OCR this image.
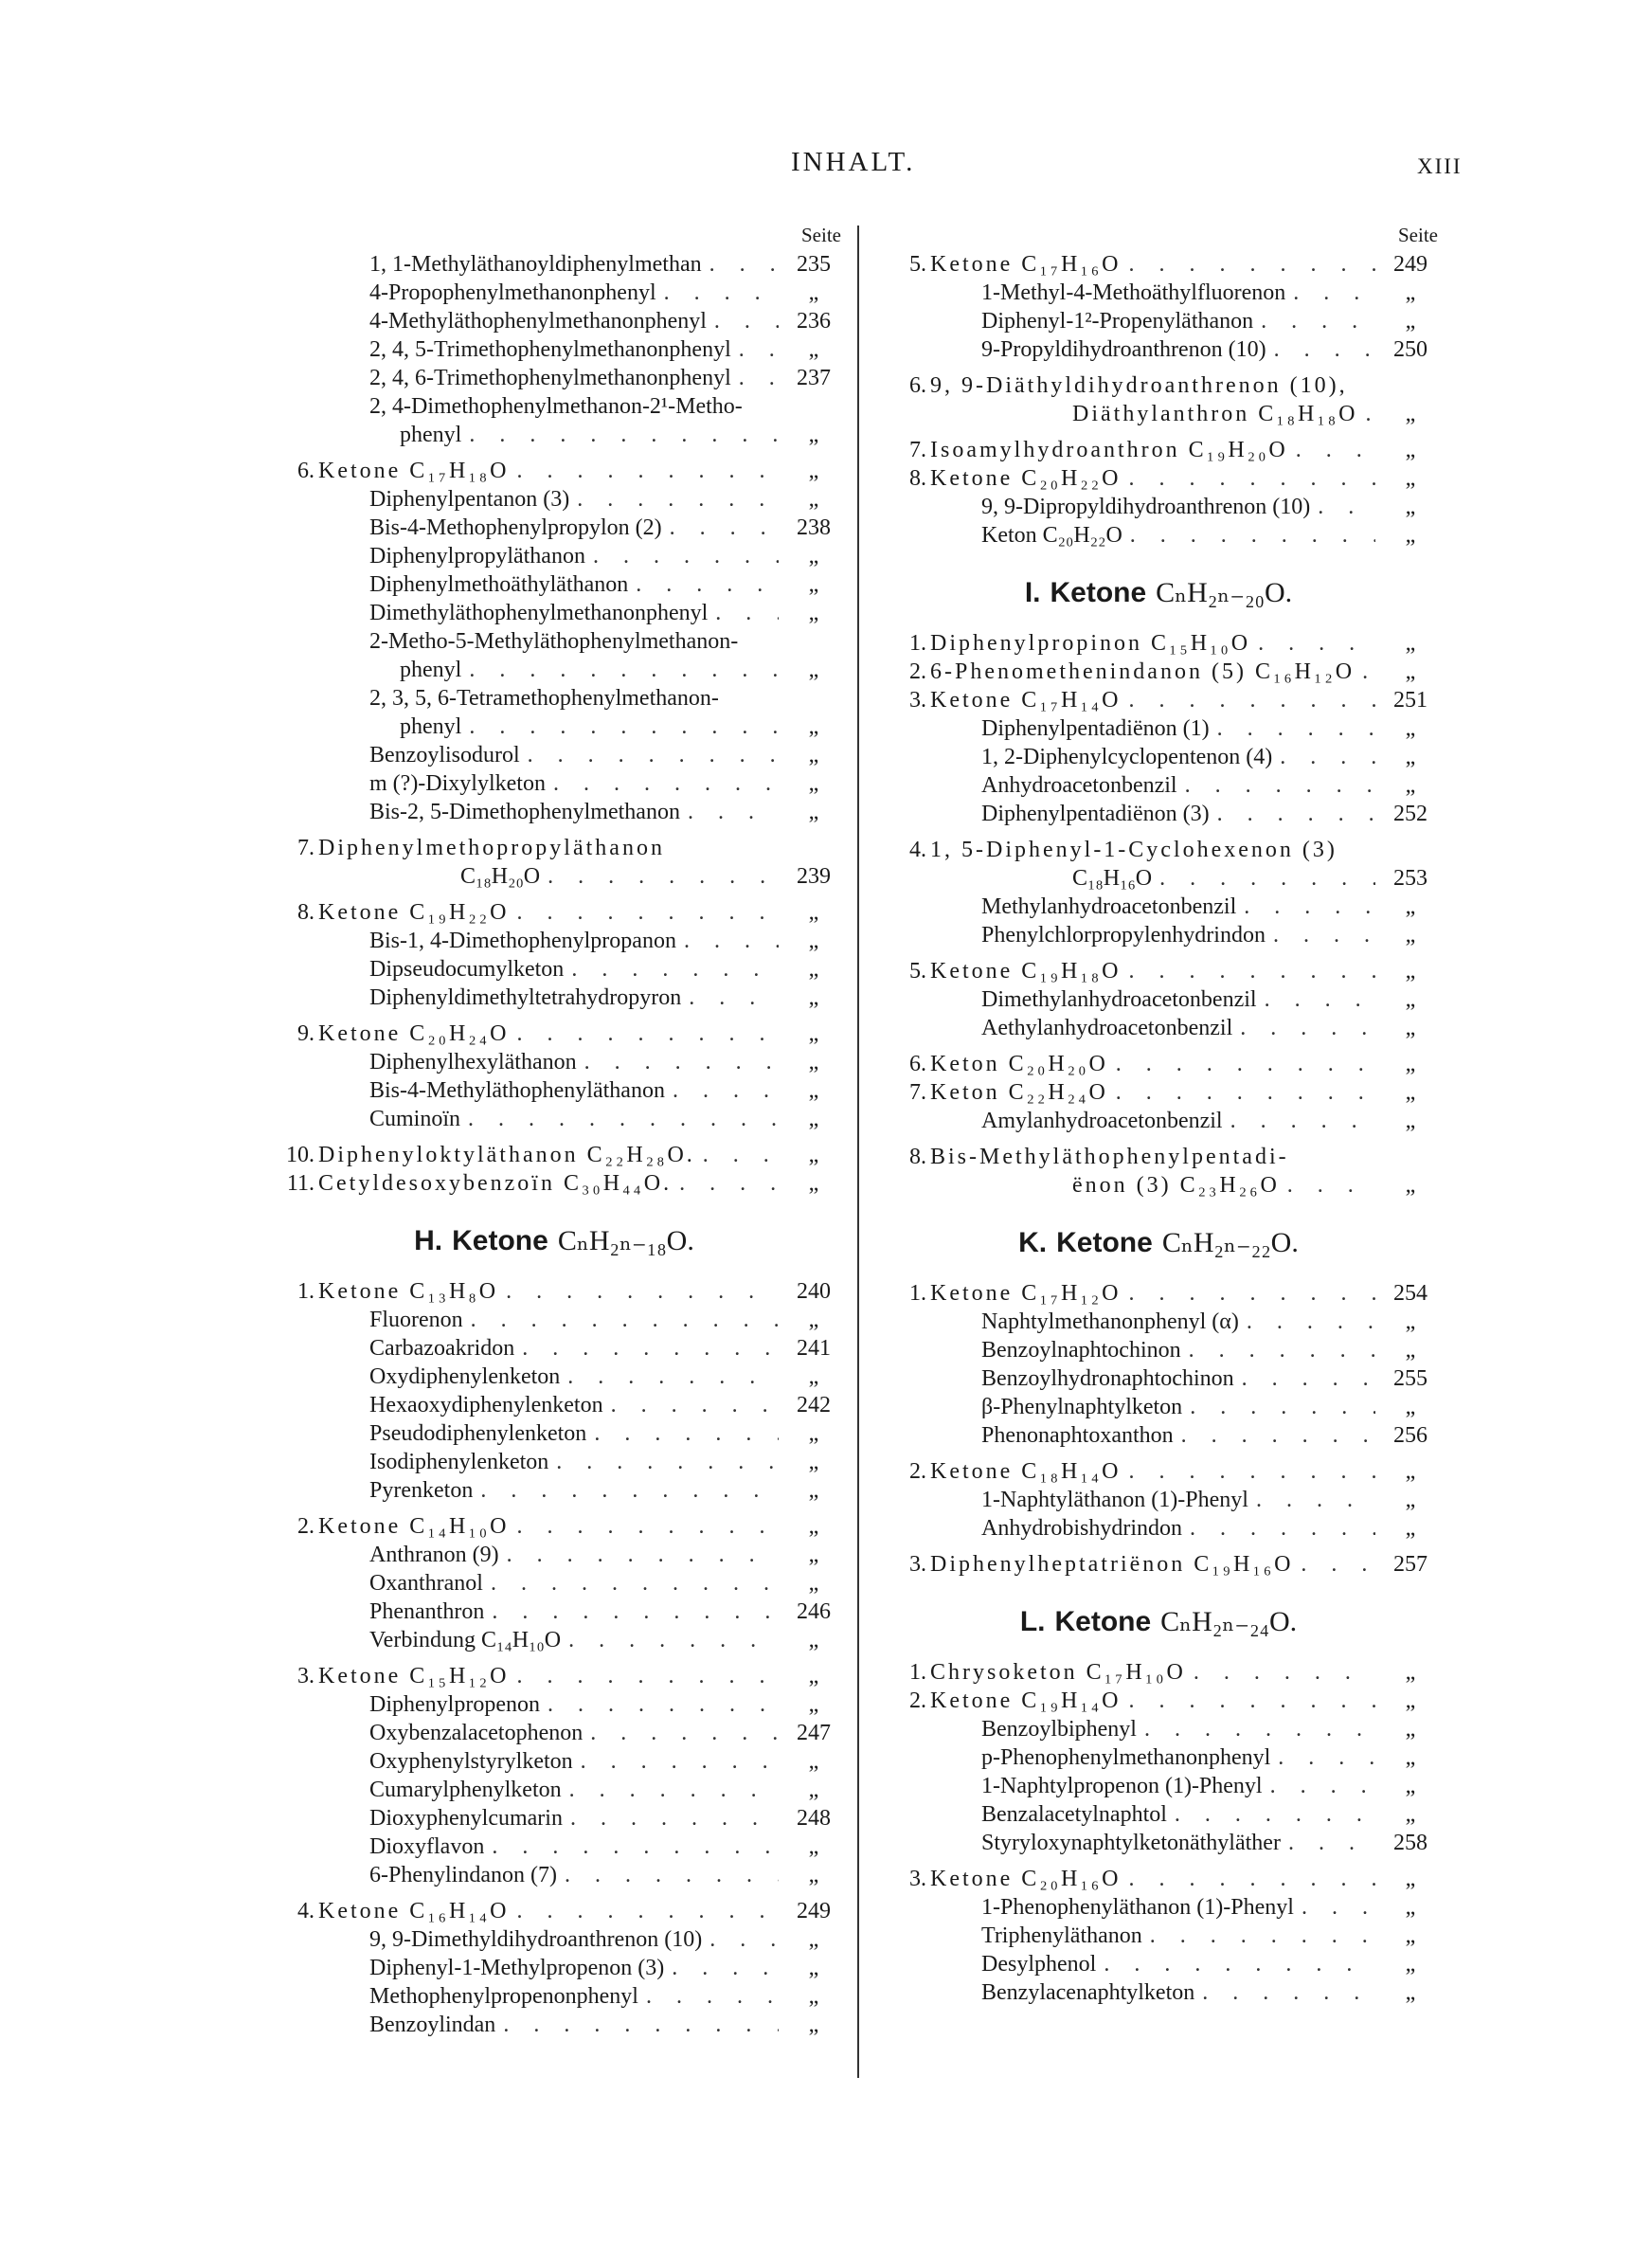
INHALT.	XIII
Seite
1, 1-Methyläthanoyldiphenylmethan . . .	235
4-Propophenylmethanonphenyl . . .	„
4-Methyläthophenylmethanonphenyl . . .	236
2, 4, 5-Trimethophenylmethanonphenyl . . .	„
2, 4, 6-Trimethophenylmethanonphenyl . . .	237
2, 4-Dimethophenylmethanon-2¹-Metho-
phenyl . . .	„
6. Ketone C₁₇H₁₈O . . .	„
Diphenylpentanon (3) . . .	„
Bis-4-Methophenylpropylon (2) . . .	238
Diphenylpropyläthanon . . .	„
Diphenylmethoäthyläthanon . . .	„
Dimethyläthophenylmethanonphenyl . . .	„
2-Metho-5-Methyläthophenylmethanon-
phenyl . . .	„
2, 3, 5, 6-Tetramethophenylmethanon-
phenyl . . .	„
Benzoylisodurol . . .	„
m (?)-Dixylylketon . . .	„
Bis-2, 5-Dimethophenylmethanon . . .	„
7. Diphenylmethopropyläthanon
C₁₈H₂₀O . . .	239
8. Ketone C₁₉H₂₂O . . .	„
Bis-1, 4-Dimethophenylpropanon . . .	„
Dipseudocumylketon . . .	„
Diphenyldimethyltetrahydropyron . . .	„
9. Ketone C₂₀H₂₄O . . .	„
Diphenylhexyläthanon . . .	„
Bis-4-Methyläthophenyläthanon . . .	„
Cuminoïn . . .	„
10. Diphenyloktyläthanon C₂₂H₂₈O. . . .	„
11. Cetyldesoxybenzoïn C₃₀H₄₄O. . . .	„
H. Ketone CₙH₂ₙ₋₁₈O.
1. Ketone C₁₃H₈O . . .	240
Fluorenon . . .	„
Carbazoakridon . . .	241
Oxydiphenylenketon . . .	„
Hexaoxydiphenylenketon . . .	242
Pseudodiphenylenketon . . .	„
Isodiphenylenketon . . .	„
Pyrenketon . . .	„
2. Ketone C₁₄H₁₀O . . .	„
Anthranon (9) . . .	„
Oxanthranol . . .	„
Phenanthron . . .	246
Verbindung C₁₄H₁₀O . . .	„
3. Ketone C₁₅H₁₂O . . .	„
Diphenylpropenon . . .	„
Oxybenzalacetophenon . . .	247
Oxyphenylstyrylketon . . .	„
Cumarylphenylketon . . .	„
Dioxyphenylcumarin . . .	248
Dioxyflavon . . .	„
6-Phenylindanon (7) . . .	„
4. Ketone C₁₆H₁₄O . . .	249
9, 9-Dimethyldihydroanthrenon (10) . . .	„
Diphenyl-1-Methylpropenon (3) . . .	„
Methophenylpropenonphenyl . . .	„
Benzoylindan . . .	„
Seite
5. Ketone C₁₇H₁₆O . . .	249
1-Methyl-4-Methoäthylfluorenon . . .	„
Diphenyl-1²-Propenyläthanon . . .	„
9-Propyldihydroanthrenon (10) . . .	250
6. 9, 9-Diäthyldihydroanthrenon (10),
Diäthylanthron C₁₈H₁₈O . . .	„
7. Isoamylhydroanthron C₁₉H₂₀O . . .	„
8. Ketone C₂₀H₂₂O . . .	„
9, 9-Dipropyldihydroanthrenon (10) . . .	„
Keton C₂₀H₂₂O . . .	„
I. Ketone CₙH₂ₙ₋₂₀O.
1. Diphenylpropinon C₁₅H₁₀O . . .	„
2. 6-Phenomethenindanon (5) C₁₆H₁₂O . . .	„
3. Ketone C₁₇H₁₄O . . .	251
Diphenylpentadiënon (1) . . .	„
1, 2-Diphenylcyclopentenon (4) . . .	„
Anhydroacetonbenzil . . .	„
Diphenylpentadiënon (3) . . .	252
4. 1, 5-Diphenyl-1-Cyclohexenon (3)
C₁₈H₁₆O . . .	253
Methylanhydroacetonbenzil . . .	„
Phenylchlorpropylenhydrindon . . .	„
5. Ketone C₁₉H₁₈O . . .	„
Dimethylanhydroacetonbenzil . . .	„
Aethylanhydroacetonbenzil . . .	„
6. Keton C₂₀H₂₀O . . .	„
7. Keton C₂₂H₂₄O . . .	„
Amylanhydroacetonbenzil . . .	„
8. Bis-Methyläthophenylpentadi-
ënon (3) C₂₃H₂₆O . . .	„
K. Ketone CₙH₂ₙ₋₂₂O.
1. Ketone C₁₇H₁₂O . . .	254
Naphtylmethanonphenyl (α) . . .	„
Benzoylnaphtochinon . . .	„
Benzoylhydronaphtochinon . . .	255
β-Phenylnaphtylketon . . .	„
Phenonaphtoxanthon . . .	256
2. Ketone C₁₈H₁₄O . . .	„
1-Naphtyläthanon (1)-Phenyl . . .	„
Anhydrobishydrindon . . .	„
3. Diphenylheptatriënon C₁₉H₁₆O . . .	257
L. Ketone CₙH₂ₙ₋₂₄O.
1. Chrysoketon C₁₇H₁₀O . . .	„
2. Ketone C₁₉H₁₄O . . .	„
Benzoylbiphenyl . . .	„
p-Phenophenylmethanonphenyl . . .	„
1-Naphtylpropenon (1)-Phenyl . . .	„
Benzalacetylnaphtol . . .	„
Styryloxynaphtylketonäthyläther . . .	258
3. Ketone C₂₀H₁₆O . . .	„
1-Phenophenyläthanon (1)-Phenyl . . .	„
Triphenyläthanon . . .	„
Desylphenol . . .	„
Benzylacenaphtylketon . . .	„
